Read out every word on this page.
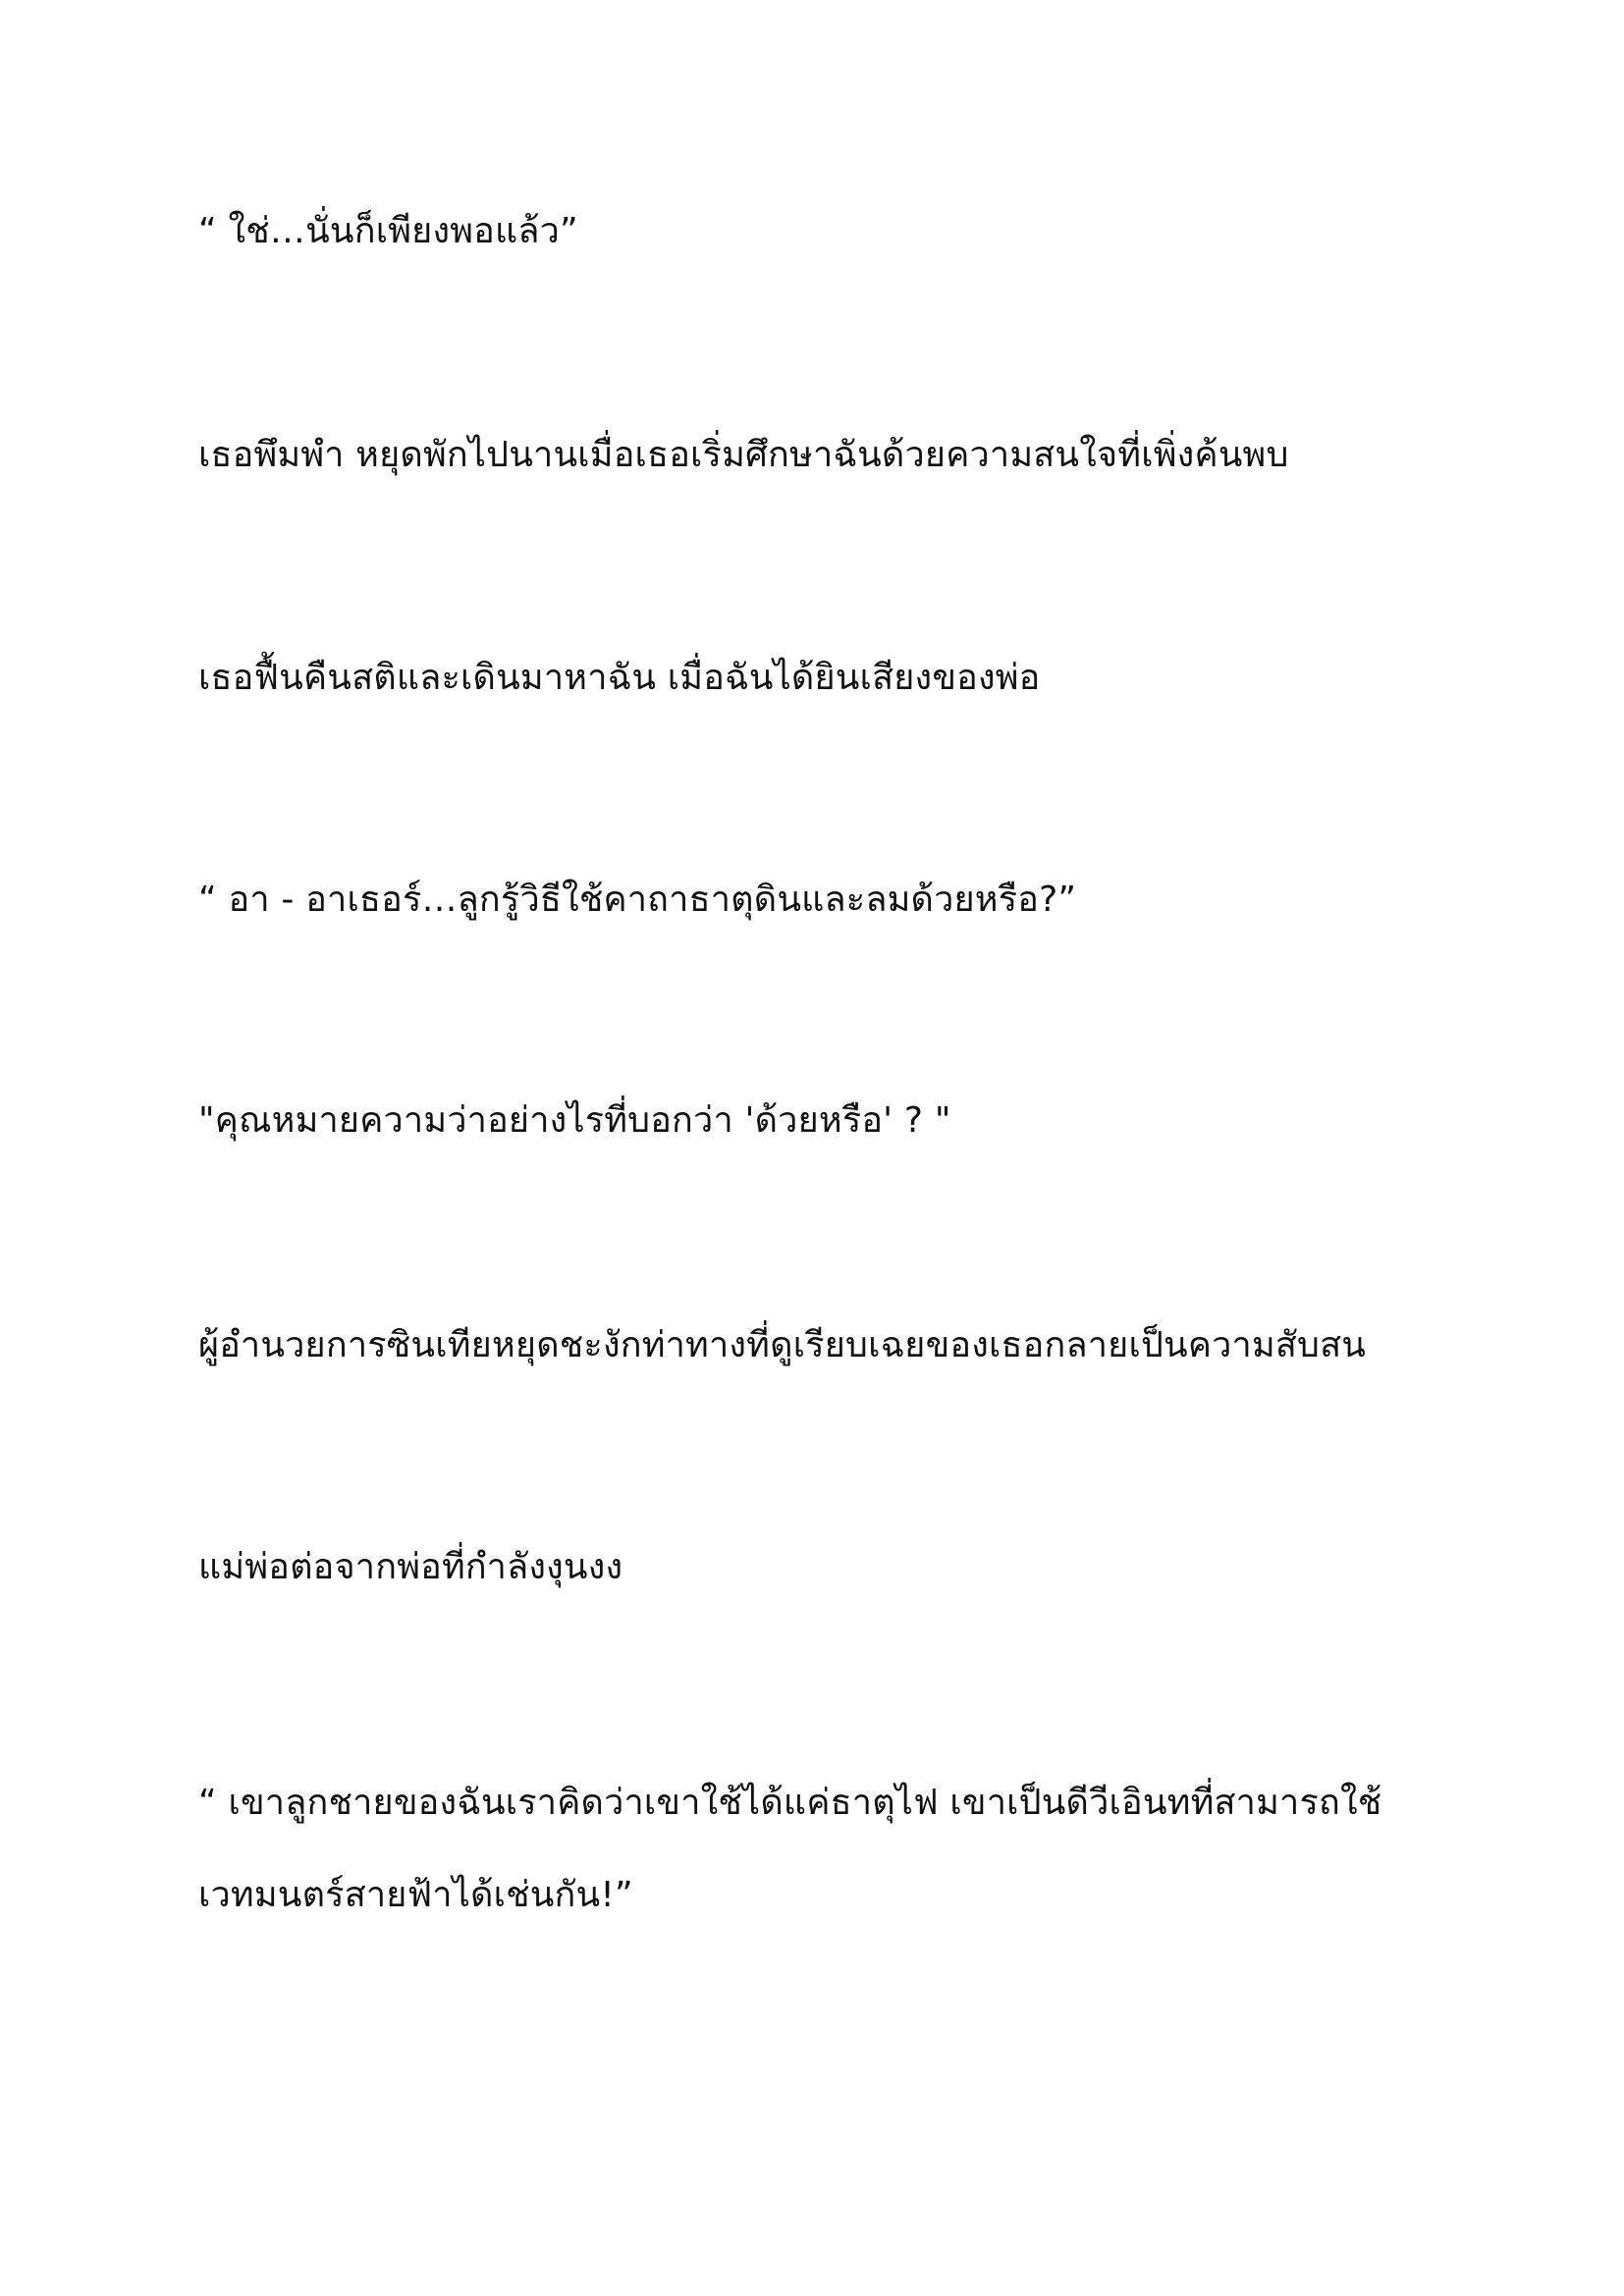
“ ใช่…นั่นก็เพียงพอแล้ว”

เธอพึมพำ หยุดพักไปนานเมื่อเธอเริ่มศึกษาฉันด้วยความสนใจที่เพิ่งค้นพบ

เธอฟื้นคืนสติและเดินมาหาฉัน เมื่อฉันได้ยินเสียงของพ่อ

“ อา - อาเธอร์…ลูกรู้วิธีใช้คาถาธาตุดินและลมด้วยหรือ?”

"คุณหมายความว่าอย่างไรที่บอกว่า 'ด้วยหรือ' ? "

ผู้อำนวยการซินเทียหยุดชะงักท่าทางที่ดูเรียบเฉยของเธอกลายเป็นความสับสน

แม่พ่อต่อจากพ่อที่กำลังงุนงง

“ เขาลูกชายของฉันเราคิดว่าเขาใช้ได้แค่ธาตุไฟ เขาเป็นดีวีเอินทที่สามารถใช้เวทมนตร์สายฟ้าได้เช่นกัน!”
